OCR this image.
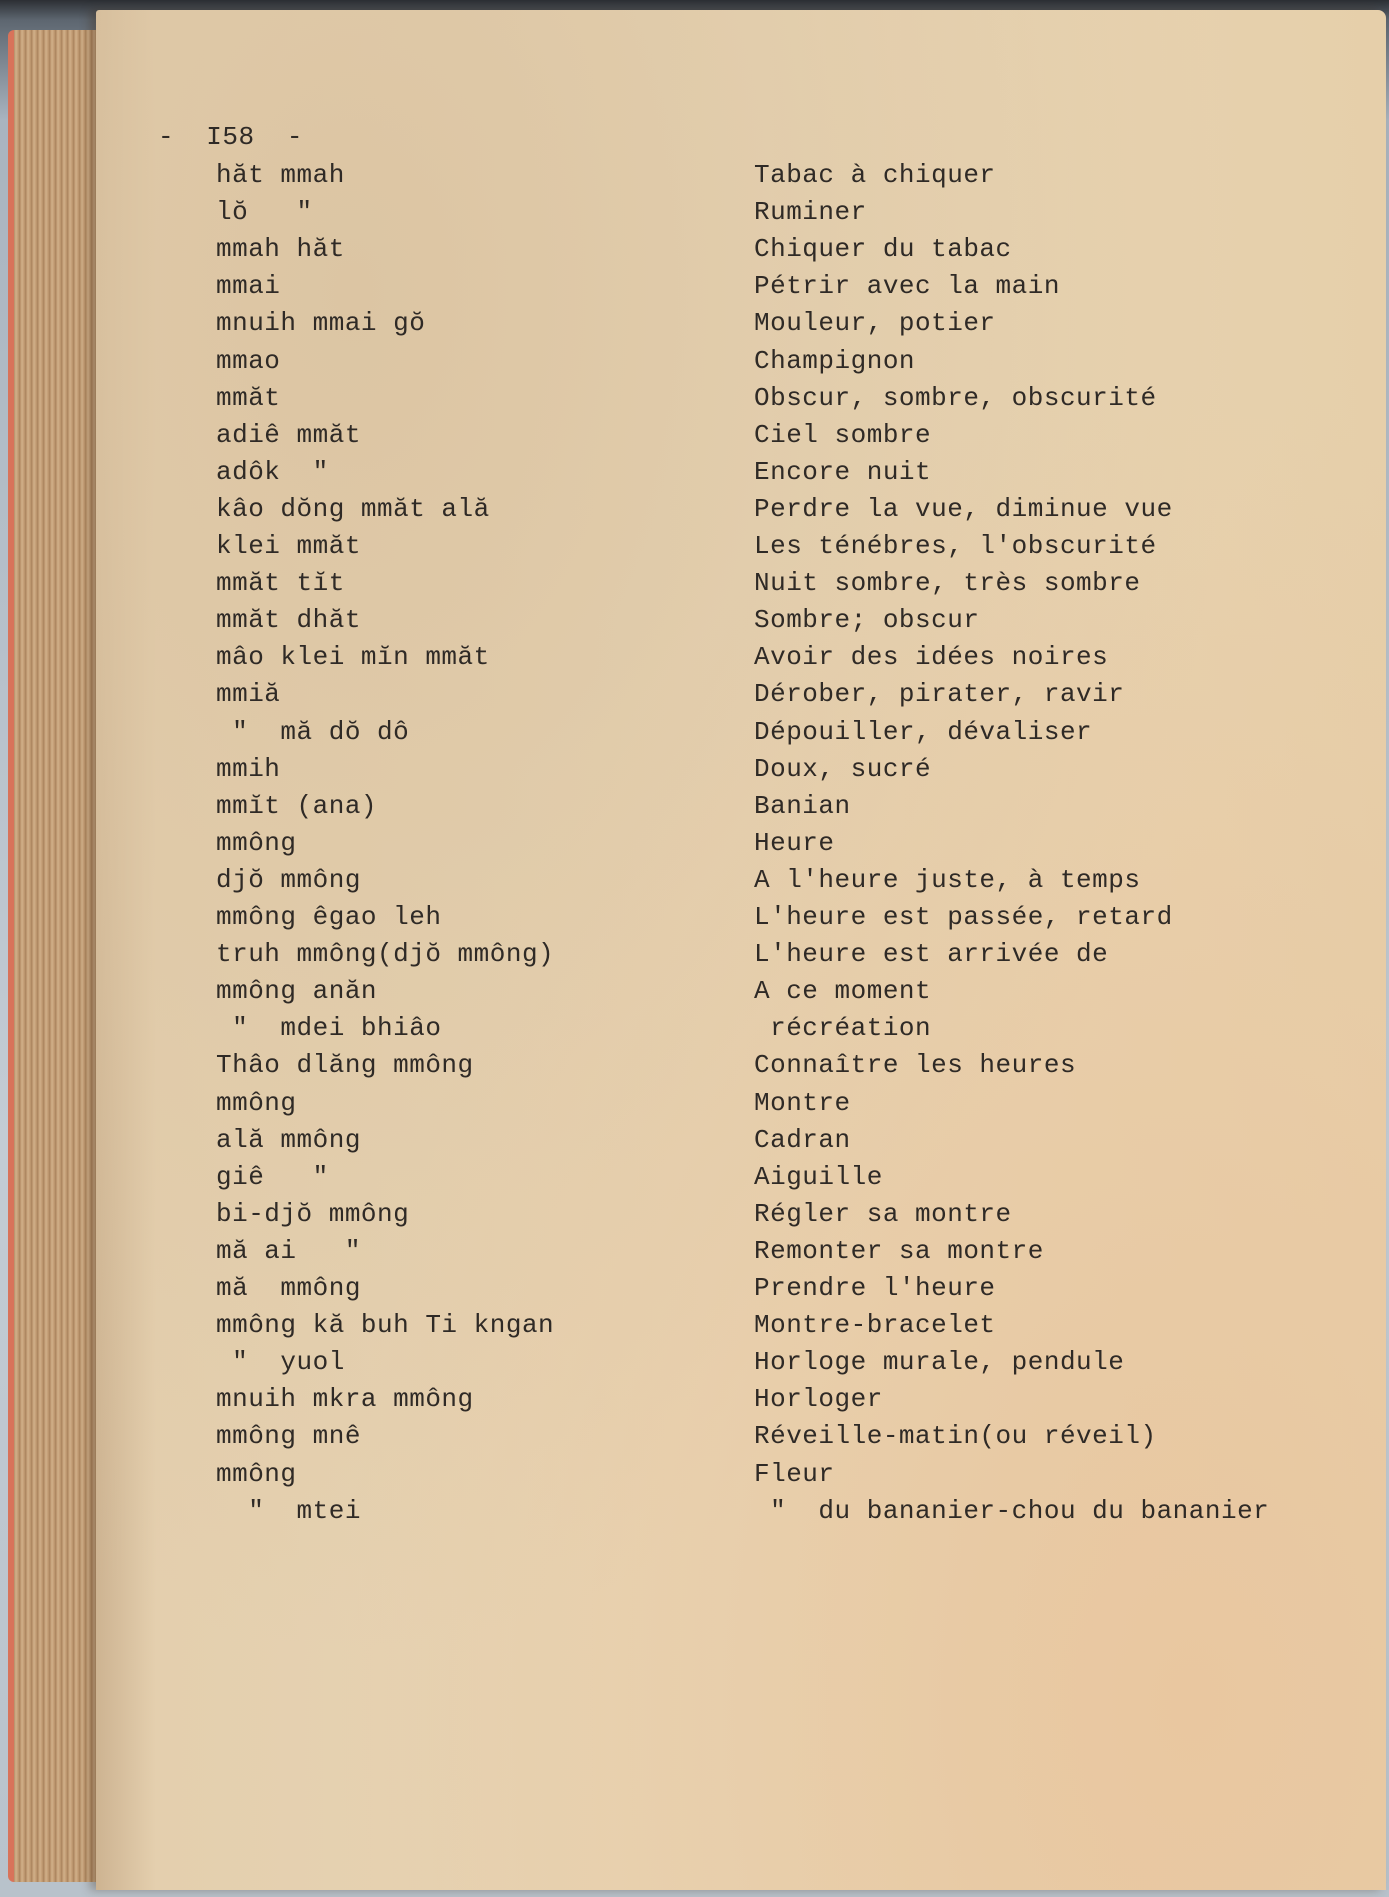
-  I58  -
hăt mmah	Tabac à chiquer
lŏ   "	Ruminer
mmah hăt	Chiquer du tabac
mmai	Pétrir avec la main
mnuih mmai gŏ	Mouleur, potier
mmao	Champignon
mmăt	Obscur, sombre, obscurité
adiê mmăt	Ciel sombre
adôk  "	Encore nuit
kâo dŏng mmăt ală	Perdre la vue, diminue vue
klei mmăt	Les ténébres, l'obscurité
mmăt tĭt	Nuit sombre, très sombre
mmăt dhăt	Sombre; obscur
mâo klei mĭn mmăt	Avoir des idées noires
mmiă	Dérober, pirater, ravir
"  mă dŏ dô	Dépouiller, dévaliser
mmih	Doux, sucré
mmĭt (ana)	Banian
mmông	Heure
djŏ mmông	A l'heure juste, à temps
mmông êgao leh	L'heure est passée, retard
truh mmông(djŏ mmông)	L'heure est arrivée de
mmông anăn	A ce moment
"  mdei bhiâo	récréation
Thâo dlăng mmông	Connaître les heures
mmông	Montre
ală mmông	Cadran
giê   "	Aiguille
bi-djŏ mmông	Régler sa montre
mă ai   "	Remonter sa montre
mă  mmông	Prendre l'heure
mmông kă buh Ti kngan	Montre-bracelet
"  yuol	Horloge murale, pendule
mnuih mkra mmông	Horloger
mmông mnê	Réveille-matin(ou réveil)
mmông	Fleur
"  mtei	"  du bananier-chou du bananier
